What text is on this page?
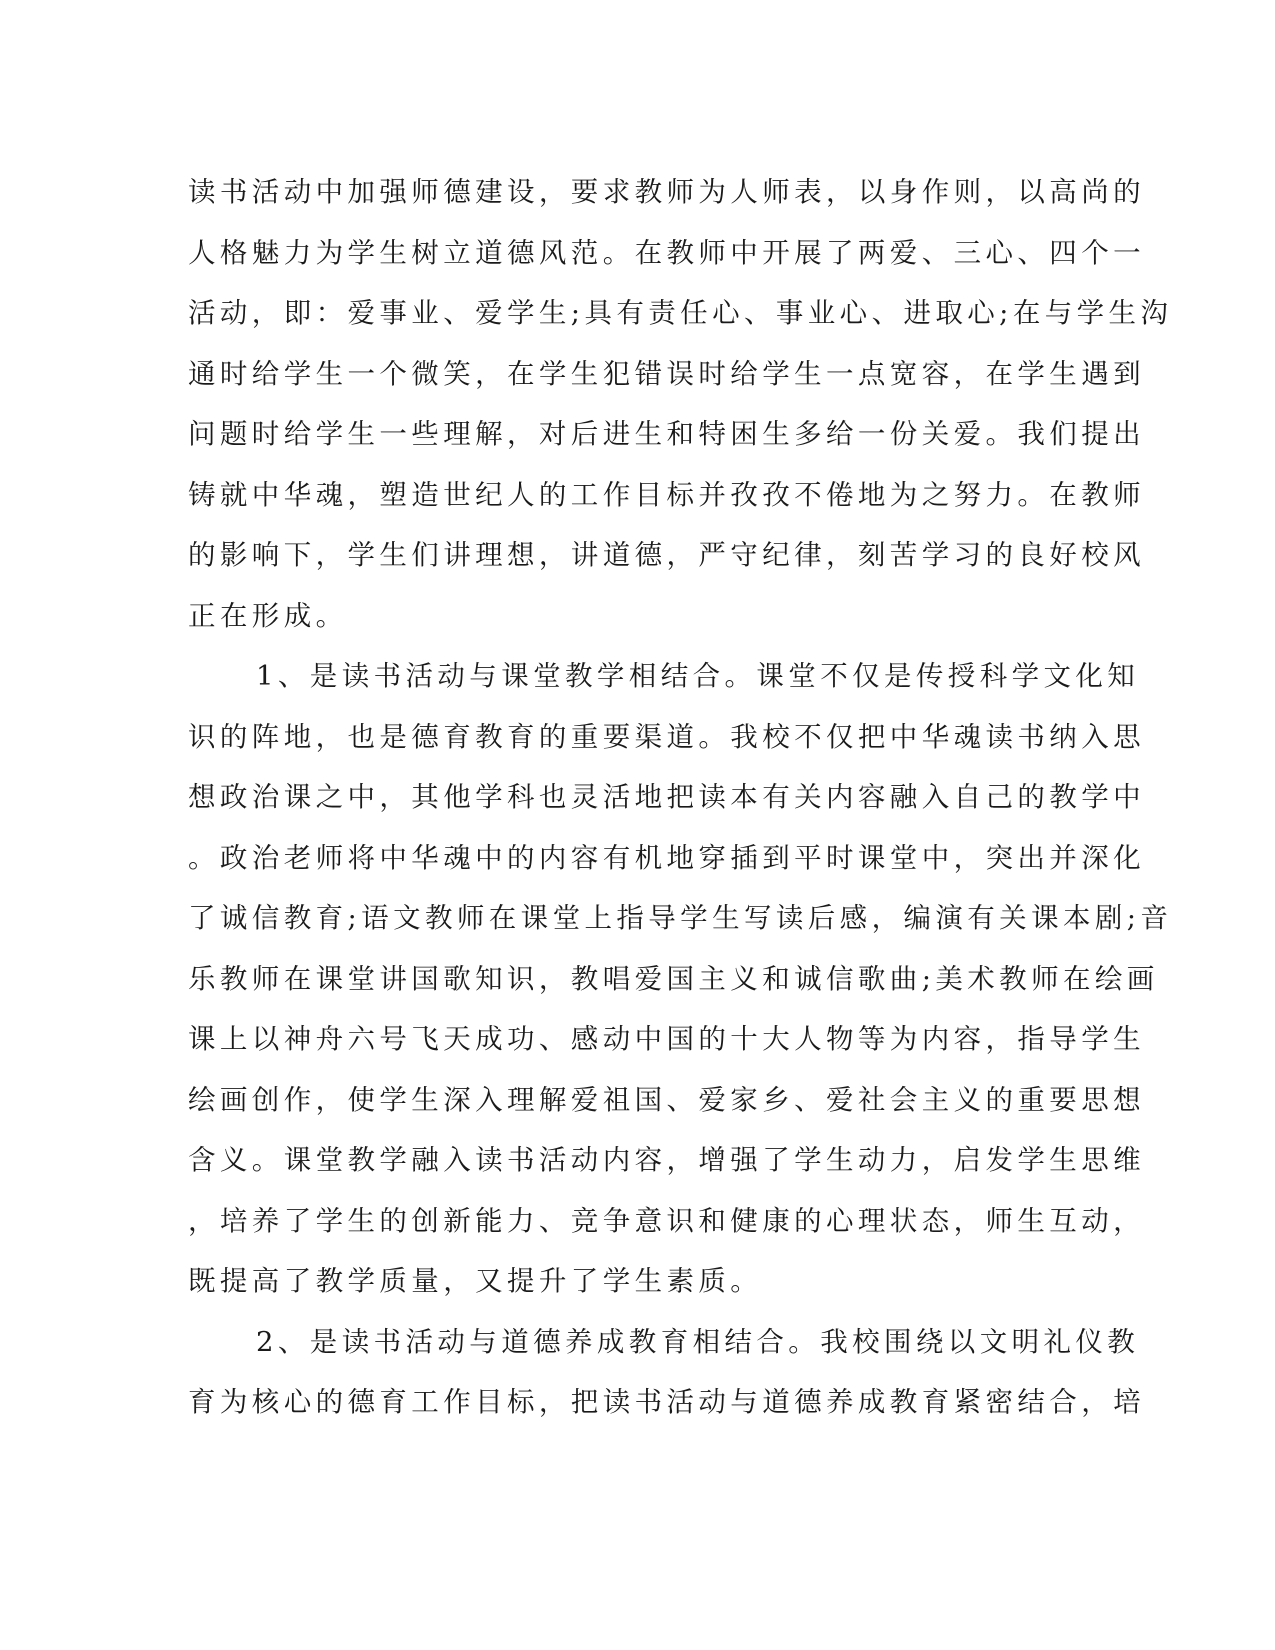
读书活动中加强师德建设，要求教师为人师表，以身作则，以高尚的
人格魅力为学生树立道德风范。在教师中开展了两爱、三心、四个一
活动，即：爱事业、爱学生;具有责任心、事业心、进取心;在与学生沟
通时给学生一个微笑，在学生犯错误时给学生一点宽容，在学生遇到
问题时给学生一些理解，对后进生和特困生多给一份关爱。我们提出
铸就中华魂，塑造世纪人的工作目标并孜孜不倦地为之努力。在教师
的影响下，学生们讲理想，讲道德，严守纪律，刻苦学习的良好校风
正在形成。
1、是读书活动与课堂教学相结合。课堂不仅是传授科学文化知
识的阵地，也是德育教育的重要渠道。我校不仅把中华魂读书纳入思
想政治课之中，其他学科也灵活地把读本有关内容融入自己的教学中
。政治老师将中华魂中的内容有机地穿插到平时课堂中，突出并深化
了诚信教育;语文教师在课堂上指导学生写读后感，编演有关课本剧;音
乐教师在课堂讲国歌知识，教唱爱国主义和诚信歌曲;美术教师在绘画
课上以神舟六号飞天成功、感动中国的十大人物等为内容，指导学生
绘画创作，使学生深入理解爱祖国、爱家乡、爱社会主义的重要思想
含义。课堂教学融入读书活动内容，增强了学生动力，启发学生思维
，培养了学生的创新能力、竞争意识和健康的心理状态，师生互动，
既提高了教学质量，又提升了学生素质。
2、是读书活动与道德养成教育相结合。我校围绕以文明礼仪教
育为核心的德育工作目标，把读书活动与道德养成教育紧密结合，培
